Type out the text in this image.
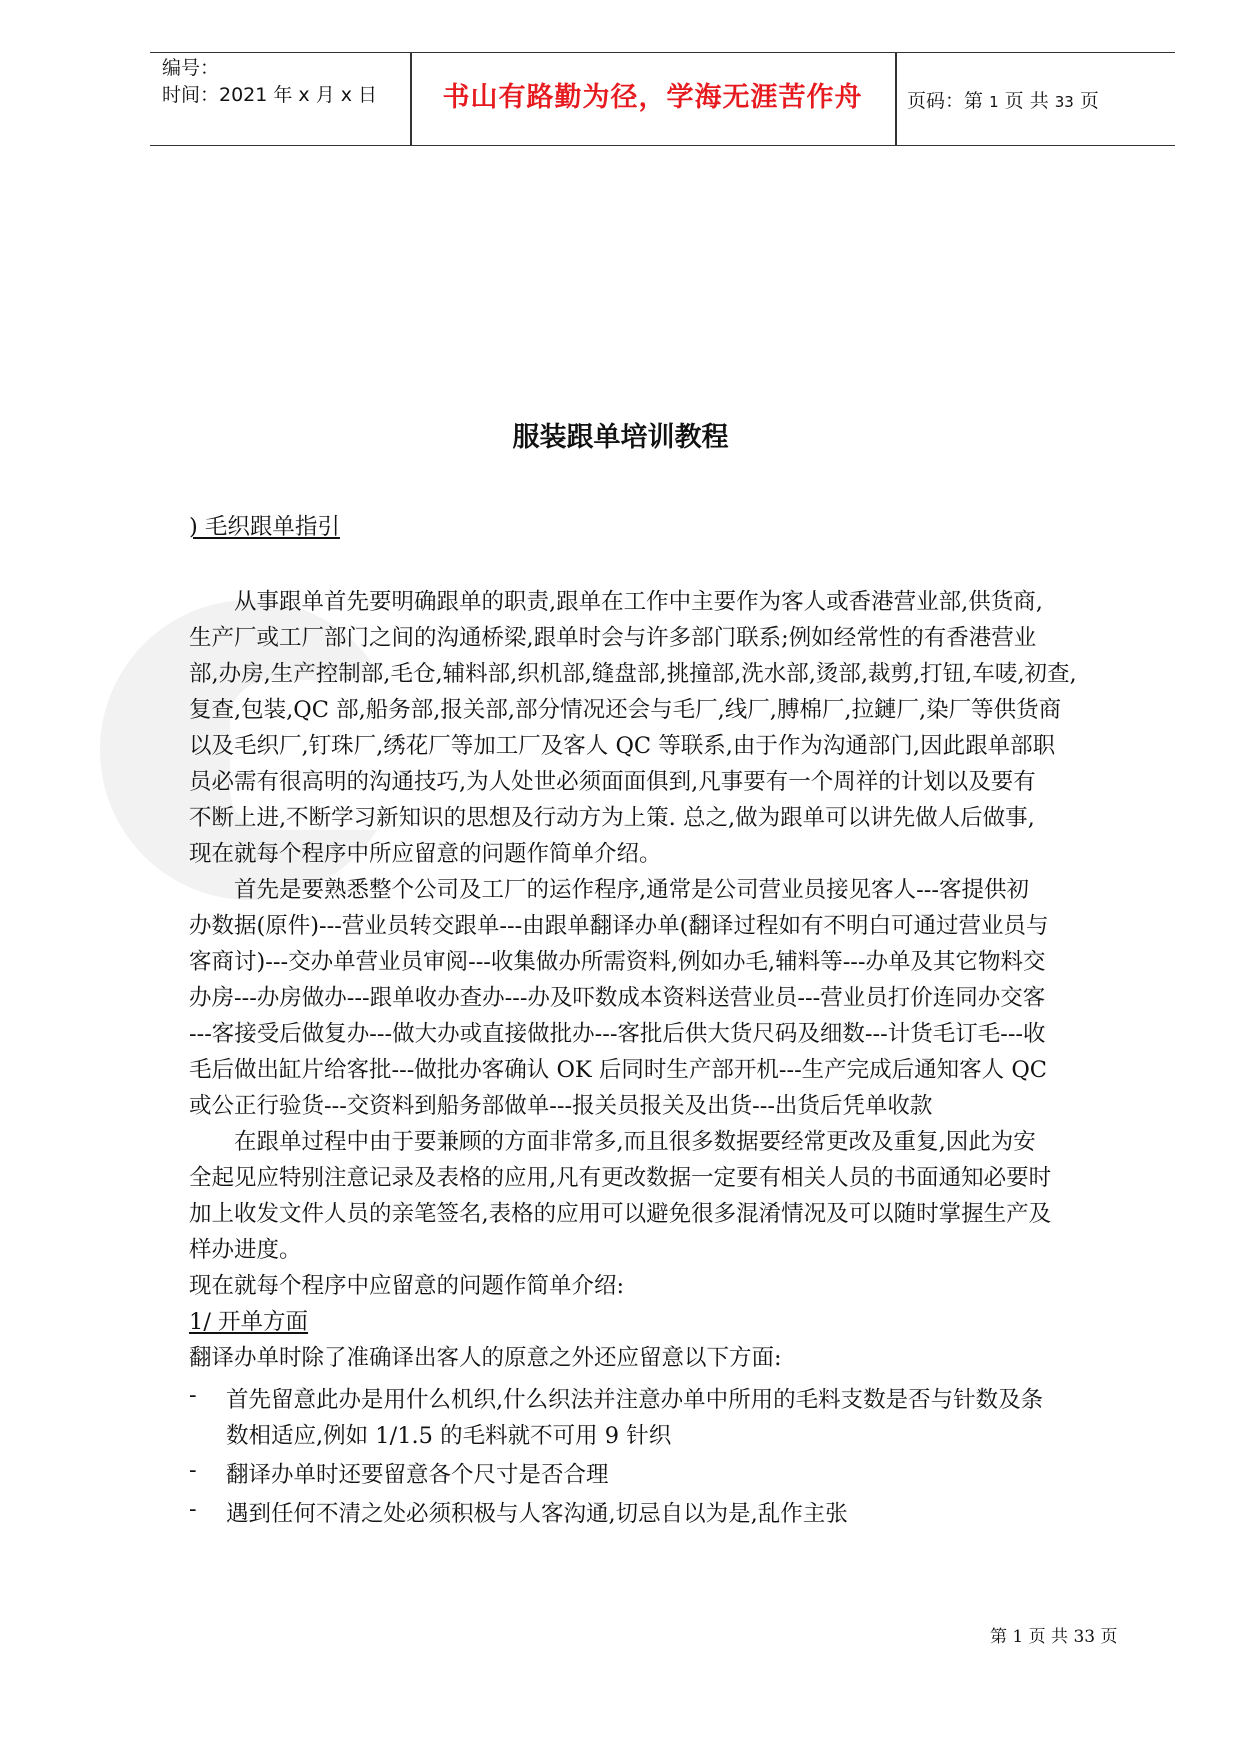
编号：
时间：2021 年 x 月 x 日	书山有路勤为径，学海无涯苦作舟	页码：第 1 页 共 33 页
服装跟单培训教程
) 毛织跟单指引
从事跟单首先要明确跟单的职责,跟单在工作中主要作为客人或香港营业部,供货商,
生产厂或工厂部门之间的沟通桥梁,跟单时会与许多部门联系;例如经常性的有香港营业
部,办房,生产控制部,毛仓,辅料部,织机部,缝盘部,挑撞部,洗水部,烫部,裁剪,打钮,车唛,初查,
复查,包装,QC 部,船务部,报关部,部分情况还会与毛厂,线厂,膊棉厂,拉鏈厂,染厂等供货商
以及毛织厂,钉珠厂,绣花厂等加工厂及客人 QC 等联系,由于作为沟通部门,因此跟单部职
员必需有很高明的沟通技巧,为人处世必须面面俱到,凡事要有一个周祥的计划以及要有
不断上进,不断学习新知识的思想及行动方为上策. 总之,做为跟单可以讲先做人后做事,
现在就每个程序中所应留意的问题作简单介绍。
首先是要熟悉整个公司及工厂的运作程序,通常是公司营业员接见客人---客提供初
办数据(原件)---营业员转交跟单---由跟单翻译办单(翻译过程如有不明白可通过营业员与
客商讨)---交办单营业员审阅---收集做办所需资料,例如办毛,辅料等---办单及其它物料交
办房---办房做办---跟单收办查办---办及吓数成本资料送营业员---营业员打价连同办交客
---客接受后做复办---做大办或直接做批办---客批后供大货尺码及细数---计货毛订毛---收
毛后做出缸片给客批---做批办客确认 OK 后同时生产部开机---生产完成后通知客人 QC
或公正行验货---交资料到船务部做单---报关员报关及出货---出货后凭单收款
在跟单过程中由于要兼顾的方面非常多,而且很多数据要经常更改及重复,因此为安
全起见应特别注意记录及表格的应用,凡有更改数据一定要有相关人员的书面通知必要时
加上收发文件人员的亲笔签名,表格的应用可以避免很多混淆情况及可以随时掌握生产及
样办进度。
现在就每个程序中应留意的问题作简单介绍:
1/ 开单方面
翻译办单时除了准确译出客人的原意之外还应留意以下方面:
- 首先留意此办是用什么机织,什么织法并注意办单中所用的毛料支数是否与针数及条
数相适应,例如 1/1.5 的毛料就不可用 9 针织
- 翻译办单时还要留意各个尺寸是否合理
- 遇到任何不清之处必须积极与人客沟通,切忌自以为是,乱作主张
第 1 页 共 33 页
